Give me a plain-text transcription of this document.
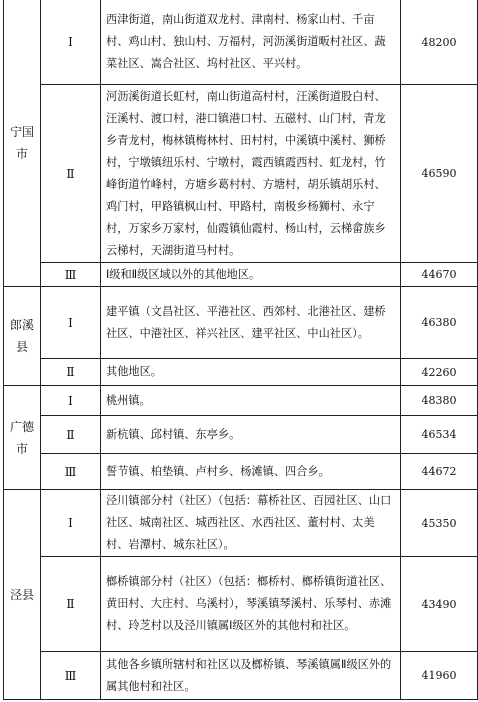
宁国市	Ⅰ	西津街道，南山街道双龙村、津南村、杨家山村、千亩村、鸡山村、独山村、万福村，河沥溪街道畈村社区、蔬菜社区、嵩合社区、坞村社区、平兴村。	48200
	Ⅱ	河沥溪街道长虹村，南山街道高村村，汪溪街道股白村、汪溪村、渡口村，港口镇港口村、五磁村、山门村，青龙乡青龙村，梅林镇梅林村、田村村，中溪镇中溪村、狮桥村，宁墩镇纽乐村、宁墩村，霞西镇霞西村、虹龙村，竹峰街道竹峰村，方塘乡葛村村、方塘村，胡乐镇胡乐村、鸡门村，甲路镇枫山村、甲路村，南极乡杨狮村、永宁村，万家乡万家村，仙霞镇仙霞村、杨山村，云梯畲族乡云梯村，天湖街道马村村。	46590
	Ⅲ	Ⅰ级和Ⅱ级区域以外的其他地区。	44670
郎溪县	Ⅰ	建平镇（文昌社区、平港社区、西郊村、北港社区、建桥社区、中港社区、祥兴社区、建平社区、中山社区）。	46380
	Ⅱ	其他地区。	42260
广德市	Ⅰ	桃州镇。	48380
	Ⅱ	新杭镇、邱村镇、东亭乡。	46534
	Ⅲ	誓节镇、柏垫镇、卢村乡、杨滩镇、四合乡。	44672
泾县	Ⅰ	泾川镇部分村（社区）（包括：幕桥社区、百园社区、山口社区、城南社区、城西社区、水西社区、董村村、太美村、岩潭村、城东社区）。	45350
	Ⅱ	榔桥镇部分村（社区）（包括：榔桥村、榔桥镇街道社区、黄田村、大庄村、乌溪村），琴溪镇琴溪村、乐琴村、赤滩村、玲芝村以及泾川镇属Ⅰ级区外的其他村和社区。	43490
	Ⅲ	其他各乡镇所辖村和社区以及榔桥镇、琴溪镇属Ⅱ级区外的属其他村和社区。	41960
